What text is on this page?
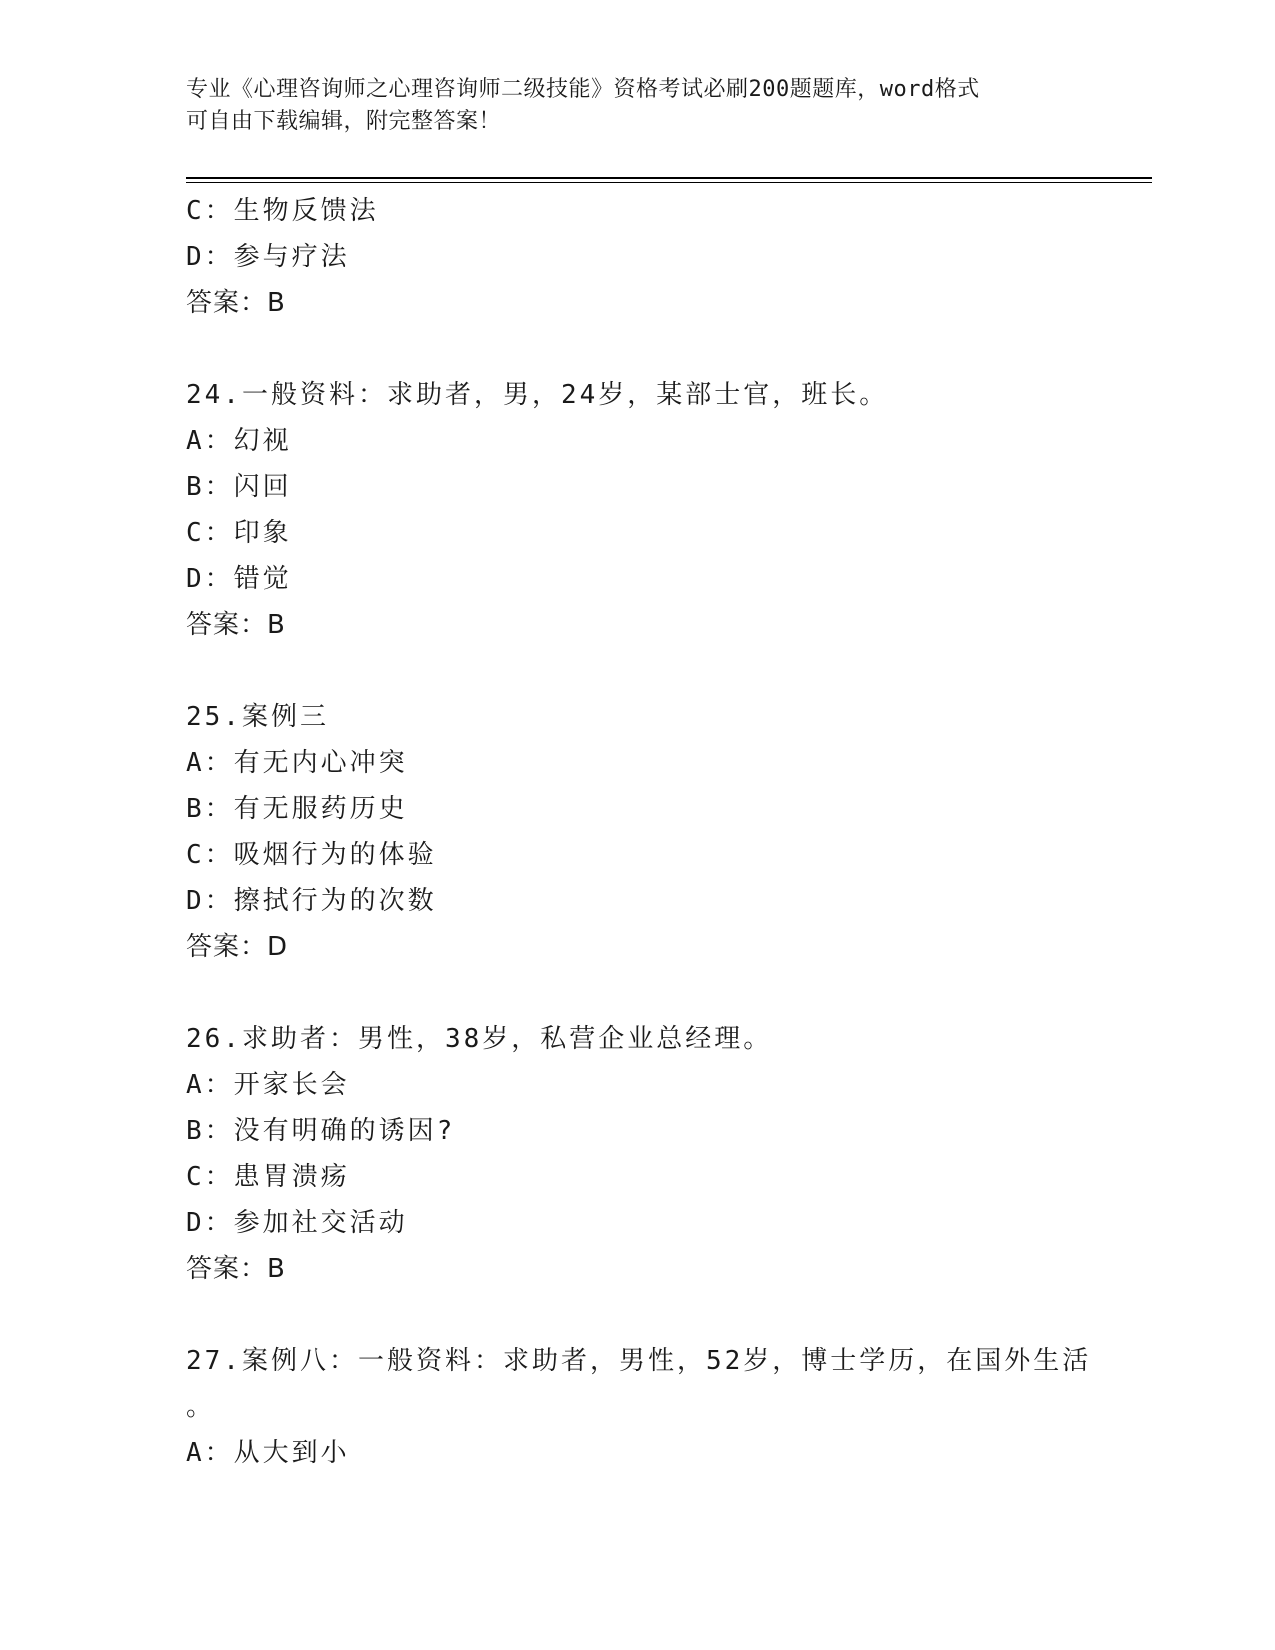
专业《心理咨询师之心理咨询师二级技能》资格考试必刷200题题库，word格式
可自由下载编辑，附完整答案！
C：生物反馈法
D：参与疗法
答案：B
24.一般资料：求助者，男，24岁，某部士官，班长。
A：幻视
B：闪回
C：印象
D：错觉
答案：B
25.案例三
A：有无内心冲突
B：有无服药历史
C：吸烟行为的体验
D：擦拭行为的次数
答案：D
26.求助者：男性，38岁，私营企业总经理。
A：开家长会
B：没有明确的诱因?
C：患胃溃疡
D：参加社交活动
答案：B
27.案例八：一般资料：求助者，男性，52岁，博士学历，在国外生活
。
A：从大到小
